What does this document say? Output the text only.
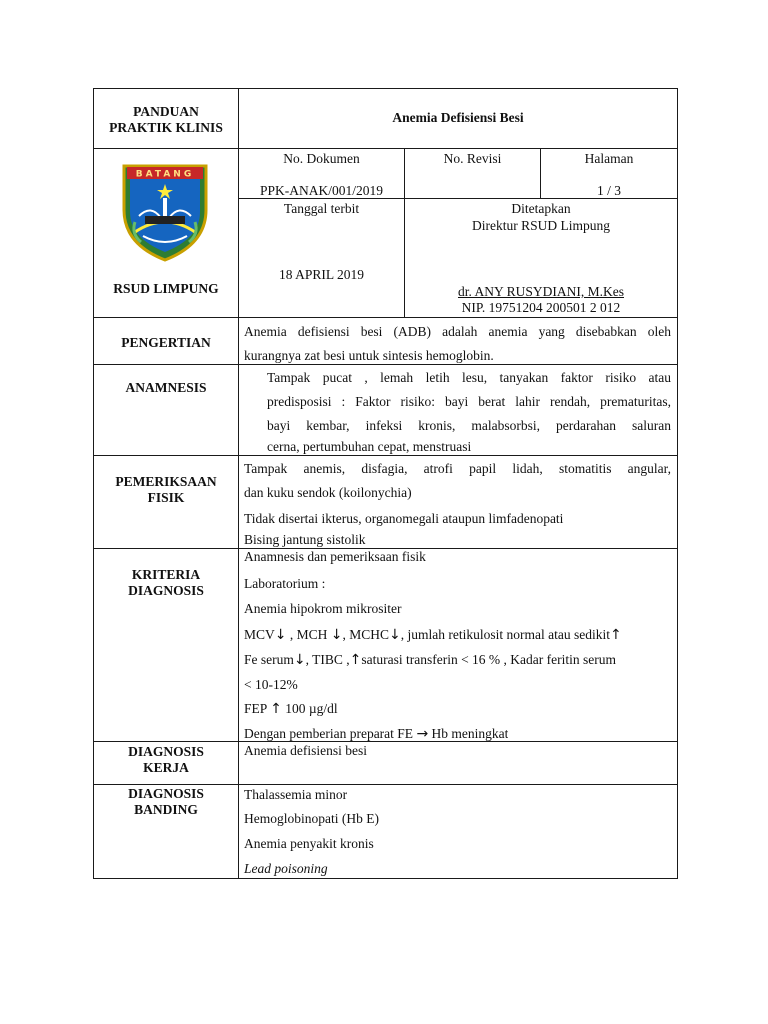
PANDUAN
PRAKTIK KLINIS
Anemia Defisiensi Besi
BATANG
RSUD LIMPUNG
No. Dokumen
PPK-ANAK/001/2019
No. Revisi	Halaman
1 / 3
Tanggal terbit
18 APRIL 2019
Ditetapkan
Direktur RSUD Limpung
dr. ANY RUSYDIANI, M.Kes
NIP. 19751204 200501 2 012
PENGERTIAN
Anemia defisiensi besi (ADB) adalah anemia yang disebabkan oleh
kurangnya zat besi untuk sintesis hemoglobin.
ANAMNESIS
Tampak pucat , lemah letih lesu, tanyakan faktor risiko atau
predisposisi : Faktor risiko: bayi berat lahir rendah, prematuritas,
bayi kembar, infeksi kronis, malabsorbsi, perdarahan saluran
cerna, pertumbuhan cepat, menstruasi
PEMERIKSAAN
FISIK
Tampak anemis, disfagia, atrofi papil lidah, stomatitis angular,
dan kuku sendok (koilonychia)
Tidak disertai ikterus, organomegali ataupun limfadenopati
Bising jantung sistolik
KRITERIA
DIAGNOSIS
Anamnesis dan pemeriksaan fisik
Laboratorium :
Anemia hipokrom mikrositer
MCV↓ , MCH ↓, MCHC↓, jumlah retikulosit normal atau sedikit↑
Fe serum↓, TIBC ,↑saturasi transferin < 16 % , Kadar feritin serum
< 10-12%
FEP ↑ 100 µg/dl
Dengan pemberian preparat FE → Hb meningkat
DIAGNOSIS
KERJA
Anemia defisiensi besi
DIAGNOSIS
BANDING
Thalassemia minor
Hemoglobinopati (Hb E)
Anemia penyakit kronis
Lead poisoning
